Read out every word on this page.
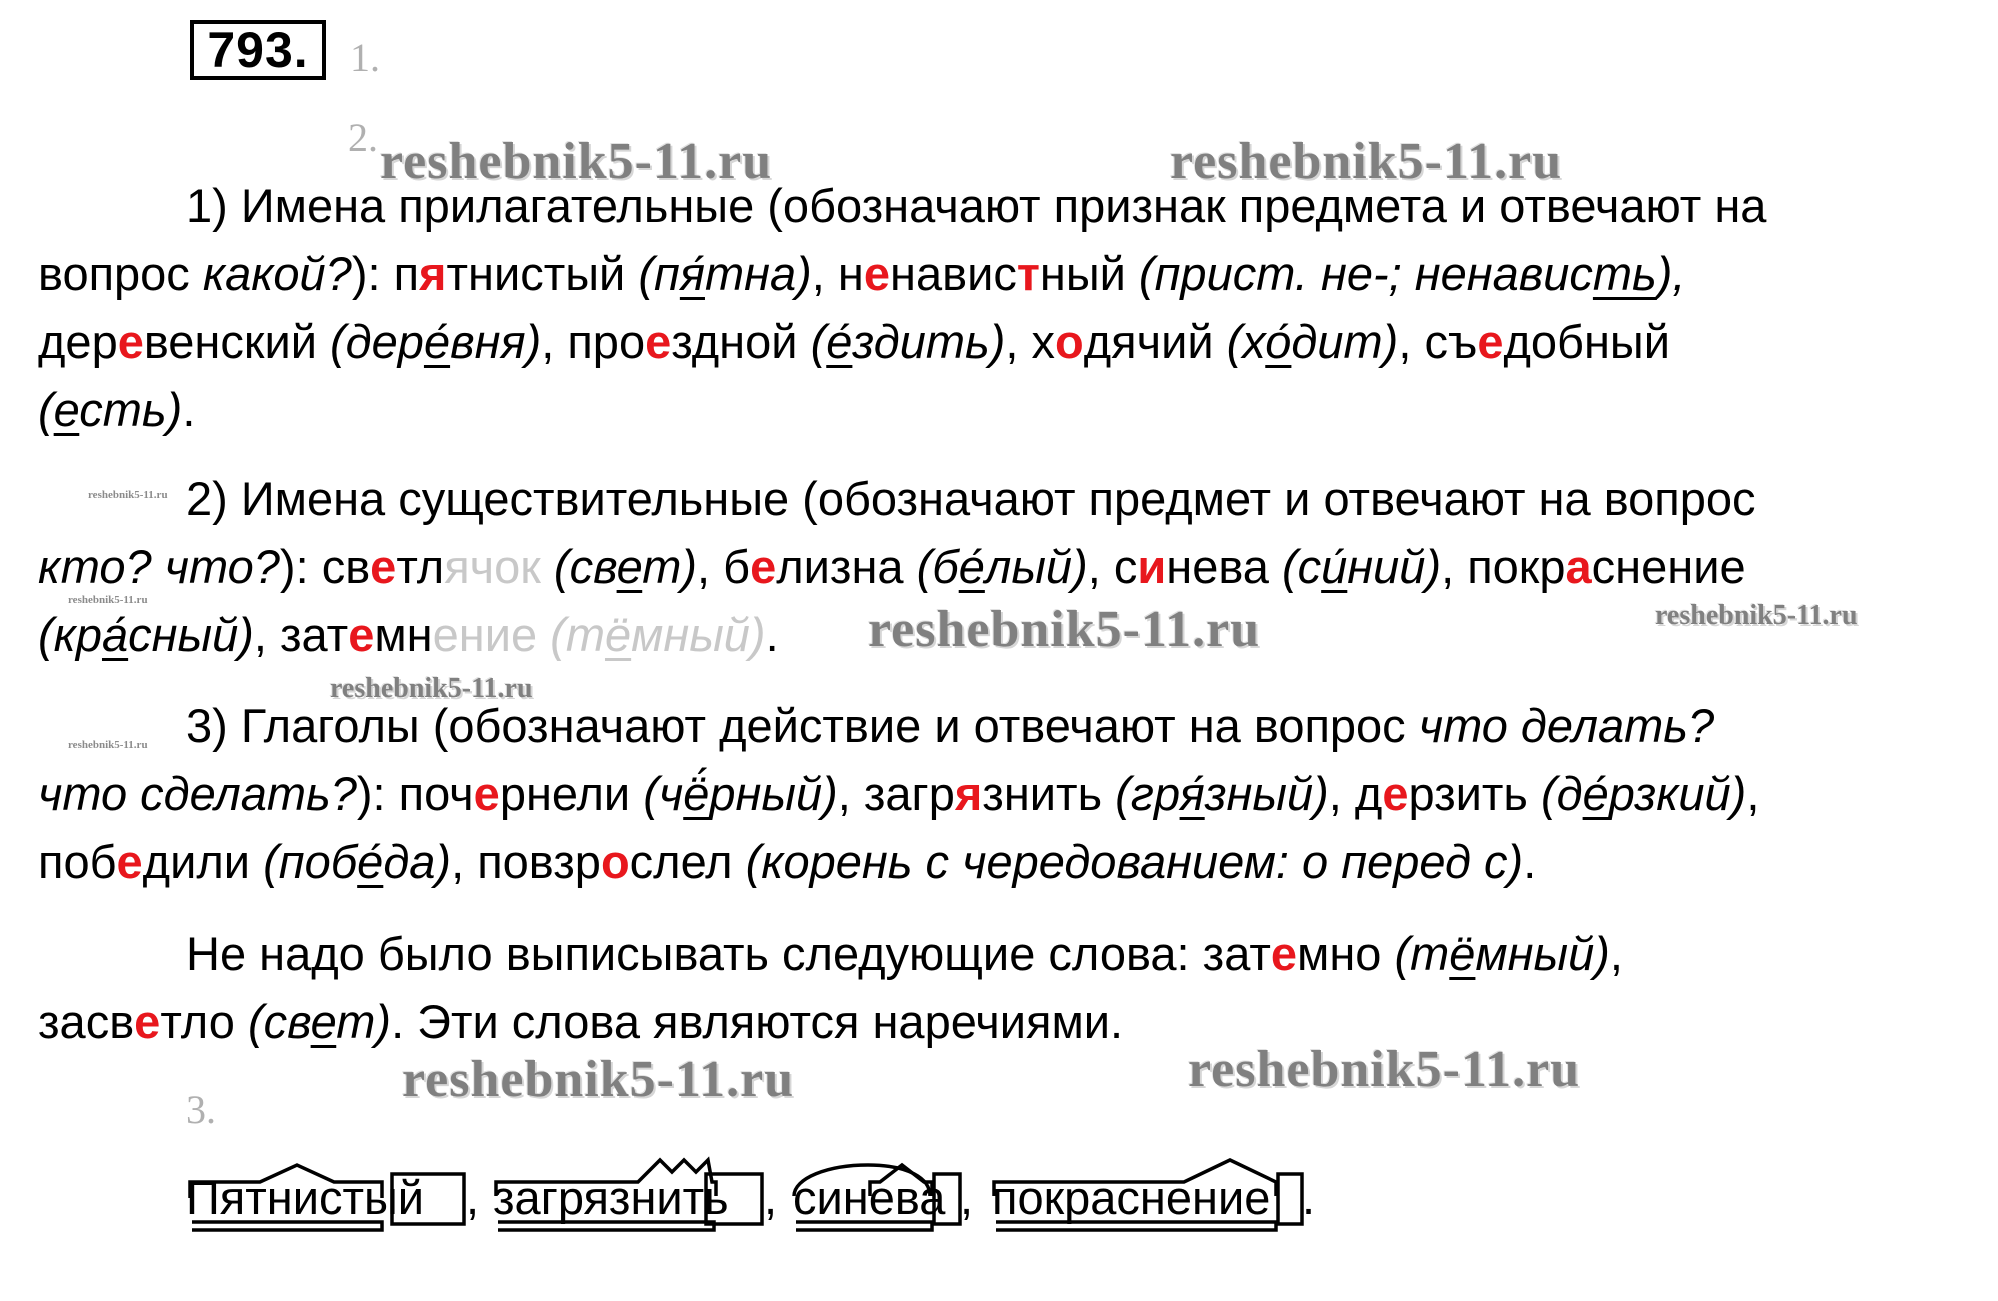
793.	1.
2. reshebnik5-11.ru	reshebnik5-11.ru
reshebnik5-11.ru
reshebnik5-11.ru
reshebnik5-11.ru	reshebnik5-11.ru
reshebnik5-11.ru
reshebnik5-11.ru
reshebnik5-11.ru	reshebnik5-11.ru
1) Имена прилагательные (обозначают признак предмета и отвечают на
вопрос какой?): пятнистый (пя́тна), ненавистный (прист. не-; ненависть),
деревенский (дере́вня), проездной (е́здить), ходячий (хо́дит), съедобный
(есть).
2) Имена существительные (обозначают предмет и отвечают на вопрос
кто? что?): светлячок (свет), белизна (бе́лый), синева (си́ний), покраснение
(кра́сный), затемнение (тёмный).
3) Глаголы (обозначают действие и отвечают на вопрос что делать?
что сделать?): почернели (чё́рный), загрязнить (гря́зный), дерзить (де́рзкий),
победили (побе́да), повзрослел (корень с чередованием: о перед с).
Не надо было выписывать следующие слова: затемно (тёмный),
засветло (свет). Эти слова являются наречиями.
3.
Пятнистый , загрязнить , синева , покраснение .
